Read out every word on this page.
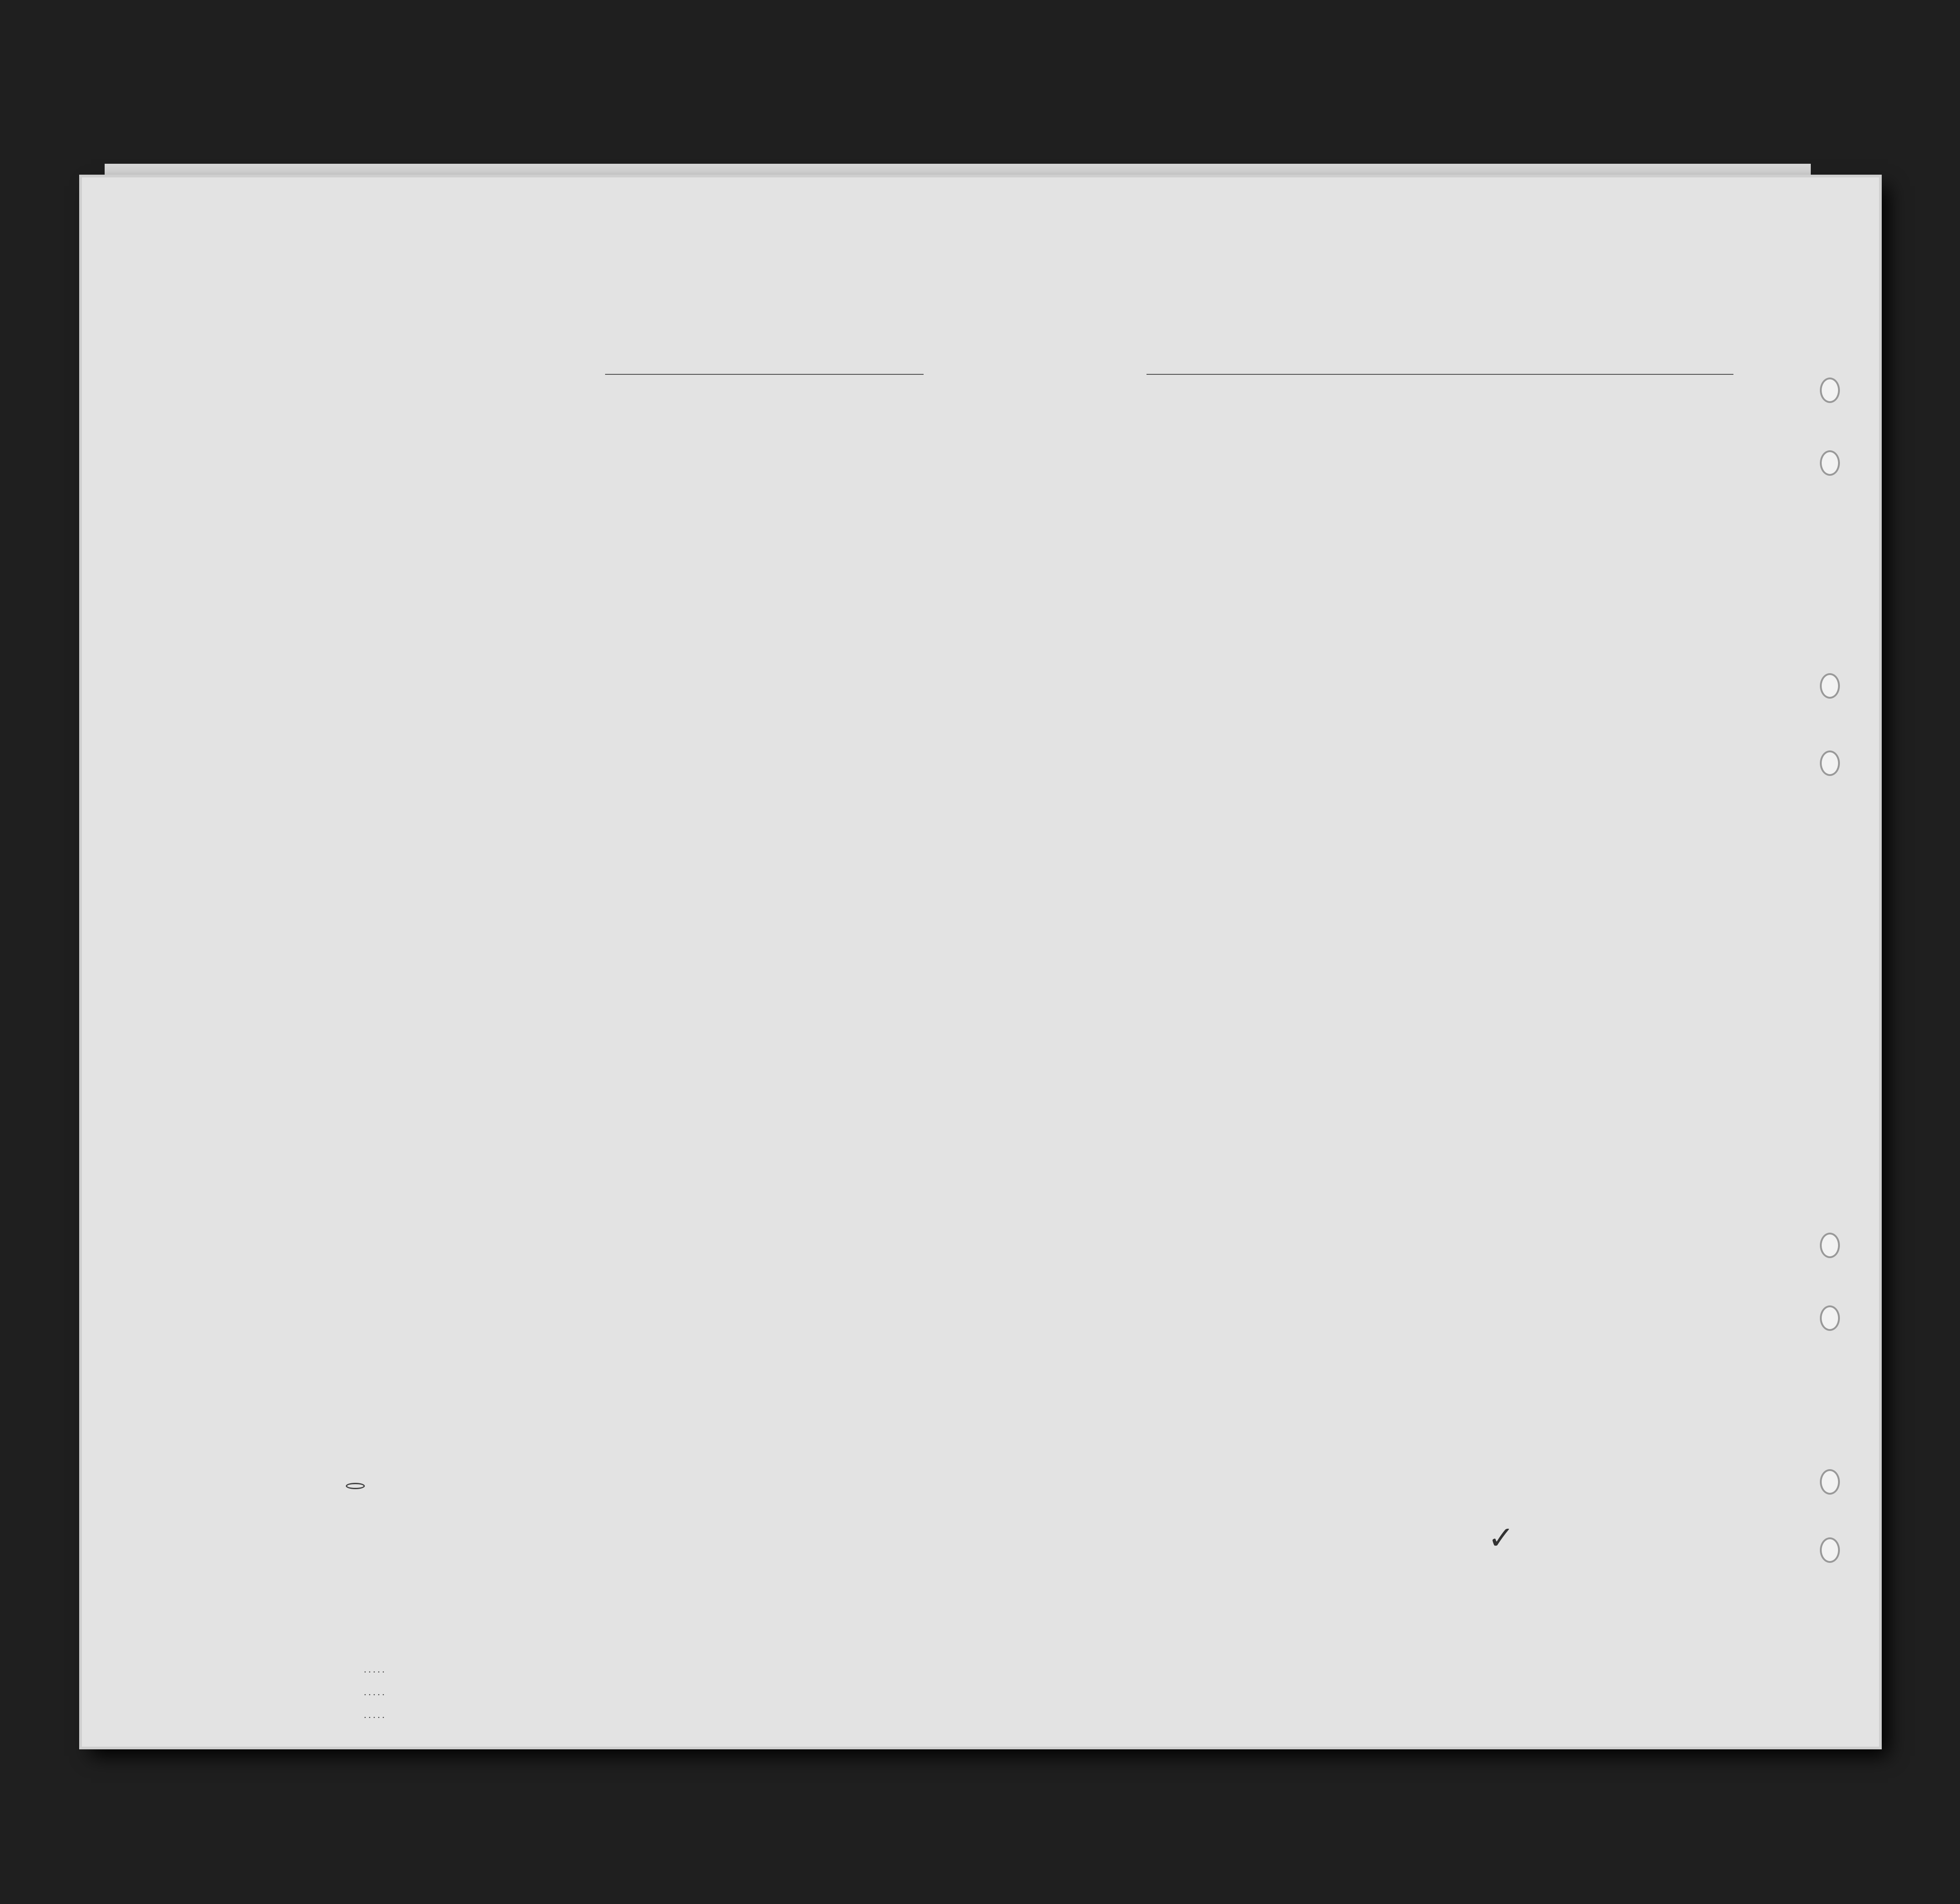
✓
. . . . .
. . . . .
. . . . .
